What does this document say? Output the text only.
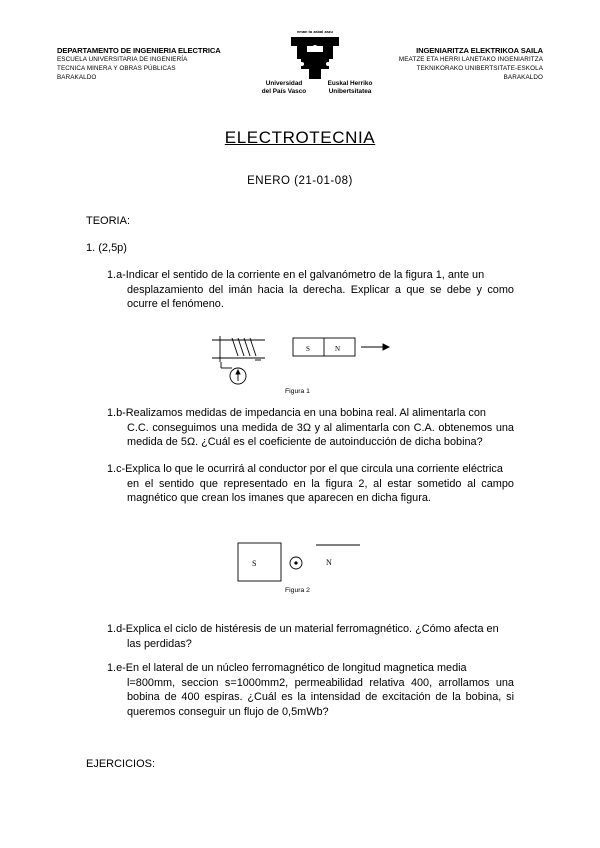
DEPARTAMENTO DE INGENIERIA ELECTRICA
ESCUELA UNIVERSITARIA DE INGENIERÍA
TECNICA MINERA Y OBRAS PÚBLICAS
BARAKALDO
INGENIARITZA ELEKTRIKOA SAILA
MEATZE ETA HERRI LANETAKO INGENIARITZA
TEKNIKORAKO UNIBERTSITATE-ESKOLA
BARAKALDO
eman ta zabal zazu
Universidad
del País Vasco
Euskal Herriko
Unibertsitatea
ELECTROTECNIA
ENERO (21-01-08)
TEORIA:
1. (2,5p)
1.a-Indicar el sentido de la corriente en el galvanómetro de la figura 1, ante un
desplazamiento del imán hacia la derecha. Explicar a que se debe y como ocurre el fenómeno.
S	N
Figura 1
1.b-Realizamos medidas de impedancia en una bobina real. Al alimentarla con
C.C. conseguimos una medida de 3Ω y al alimentarla con C.A. obtenemos una medida de 5Ω. ¿Cuál es el coeficiente de autoinducción de dicha bobina?
1.c-Explica lo que le ocurrirá al conductor por el que circula una corriente eléctrica
en el sentido que representado en la figura 2, al estar sometido al campo magnético que crean los imanes que aparecen en dicha figura.
S	N
Figura 2
1.d-Explica el ciclo de histéresis de un material ferromagnético. ¿Cómo afecta en
las perdidas?
1.e-En el lateral de un núcleo ferromagnético de longitud magnetica media
l=800mm, seccion s=1000mm2, permeabilidad relativa 400, arrollamos una bobina de 400 espiras. ¿Cuál es la intensidad de excitación de la bobina, si queremos conseguir un flujo de 0,5mWb?
EJERCICIOS:
